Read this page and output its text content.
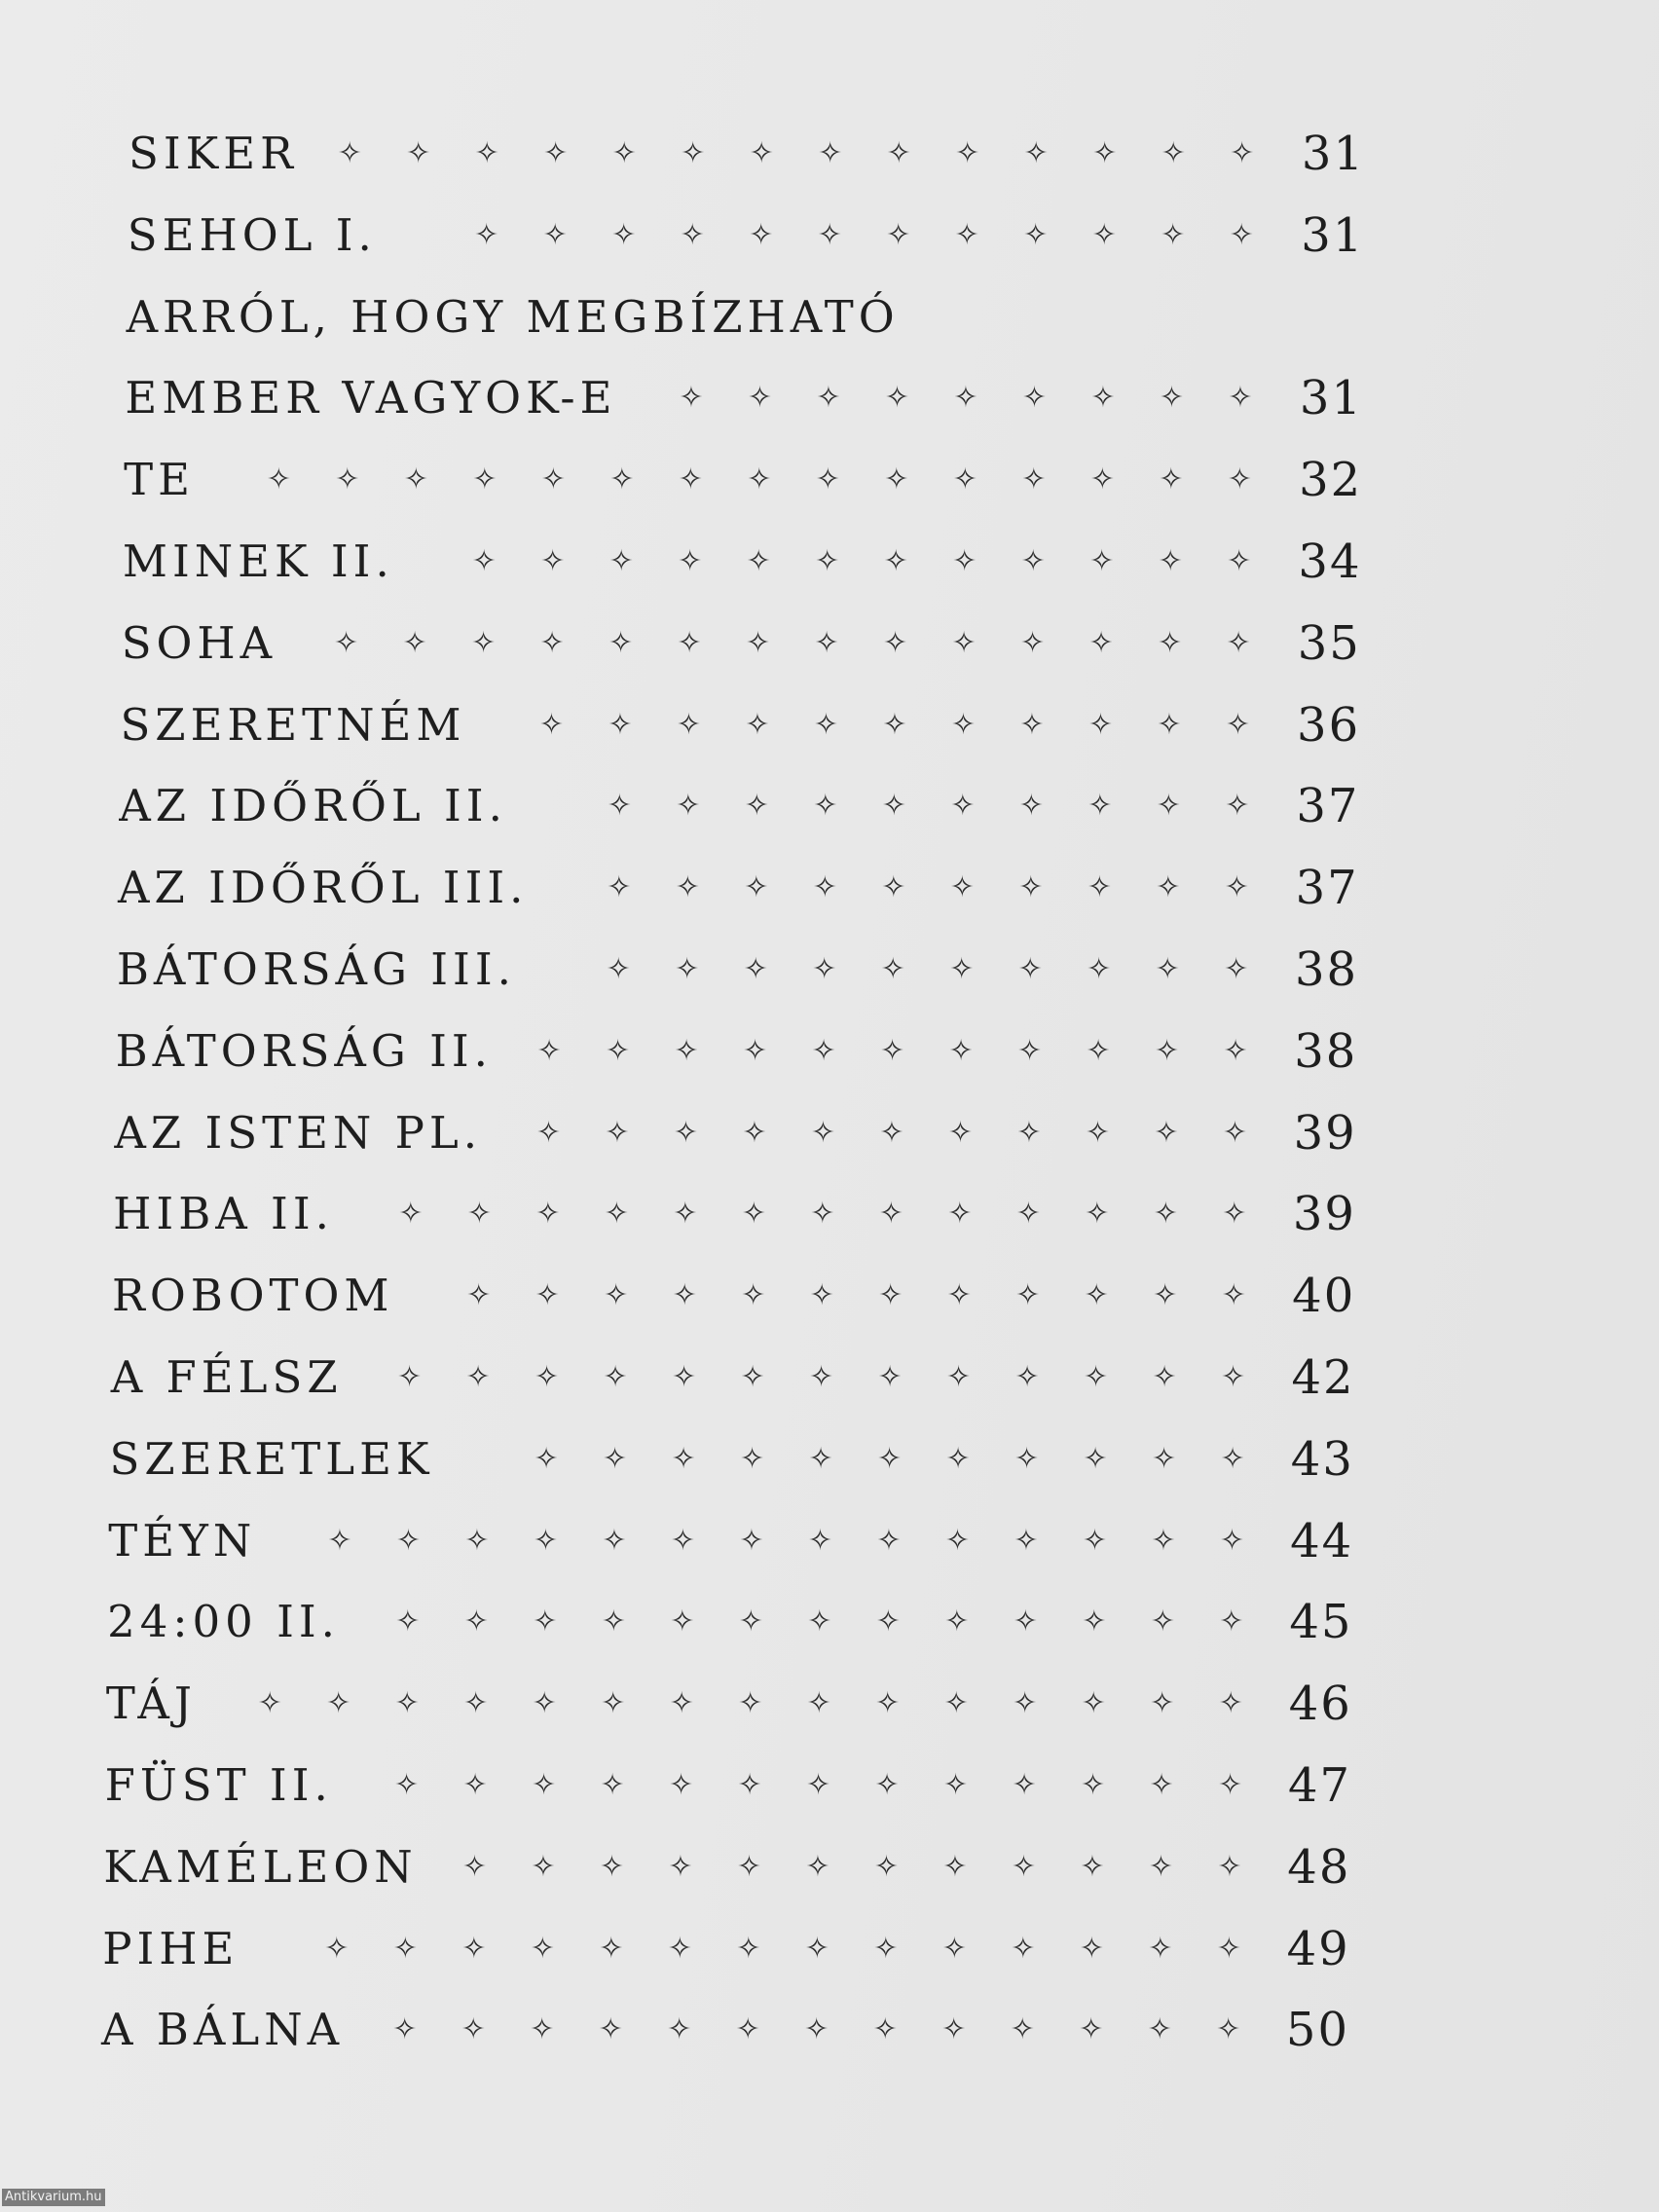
SIKER	31
✧ ✧ ✧ ✧ ✧ ✧ ✧ ✧ ✧ ✧ ✧ ✧ ✧ ✧
SEHOL I.	31
✧ ✧ ✧ ✧ ✧ ✧ ✧ ✧ ✧ ✧ ✧ ✧
ARRÓL, HOGY MEGBÍZHATÓ
EMBER VAGYOK-E	31
✧ ✧ ✧ ✧ ✧ ✧ ✧ ✧ ✧
TE	32
✧ ✧ ✧ ✧ ✧ ✧ ✧ ✧ ✧ ✧ ✧ ✧ ✧ ✧ ✧
MINEK II.	34
✧ ✧ ✧ ✧ ✧ ✧ ✧ ✧ ✧ ✧ ✧ ✧
SOHA	35
✧ ✧ ✧ ✧ ✧ ✧ ✧ ✧ ✧ ✧ ✧ ✧ ✧ ✧
SZERETNÉM	36
✧ ✧ ✧ ✧ ✧ ✧ ✧ ✧ ✧ ✧ ✧
AZ IDŐRŐL II.	37
✧ ✧ ✧ ✧ ✧ ✧ ✧ ✧ ✧ ✧
AZ IDŐRŐL III.	37
✧ ✧ ✧ ✧ ✧ ✧ ✧ ✧ ✧ ✧
BÁTORSÁG III.	38
✧ ✧ ✧ ✧ ✧ ✧ ✧ ✧ ✧ ✧
BÁTORSÁG II.	38
✧ ✧ ✧ ✧ ✧ ✧ ✧ ✧ ✧ ✧ ✧
AZ ISTEN PL.	39
✧ ✧ ✧ ✧ ✧ ✧ ✧ ✧ ✧ ✧ ✧
HIBA II.	39
✧ ✧ ✧ ✧ ✧ ✧ ✧ ✧ ✧ ✧ ✧ ✧ ✧
ROBOTOM	40
✧ ✧ ✧ ✧ ✧ ✧ ✧ ✧ ✧ ✧ ✧ ✧
A FÉLSZ	42
✧ ✧ ✧ ✧ ✧ ✧ ✧ ✧ ✧ ✧ ✧ ✧ ✧
SZERETLEK	43
✧ ✧ ✧ ✧ ✧ ✧ ✧ ✧ ✧ ✧ ✧
TÉYN	44
✧ ✧ ✧ ✧ ✧ ✧ ✧ ✧ ✧ ✧ ✧ ✧ ✧ ✧
24:00 II.	45
✧ ✧ ✧ ✧ ✧ ✧ ✧ ✧ ✧ ✧ ✧ ✧ ✧
TÁJ	46
✧ ✧ ✧ ✧ ✧ ✧ ✧ ✧ ✧ ✧ ✧ ✧ ✧ ✧ ✧
FÜST II.	47
✧ ✧ ✧ ✧ ✧ ✧ ✧ ✧ ✧ ✧ ✧ ✧ ✧
KAMÉLEON	48
✧ ✧ ✧ ✧ ✧ ✧ ✧ ✧ ✧ ✧ ✧ ✧
PIHE	49
✧ ✧ ✧ ✧ ✧ ✧ ✧ ✧ ✧ ✧ ✧ ✧ ✧ ✧
A BÁLNA	50
✧ ✧ ✧ ✧ ✧ ✧ ✧ ✧ ✧ ✧ ✧ ✧ ✧
Antikvarium.hu
